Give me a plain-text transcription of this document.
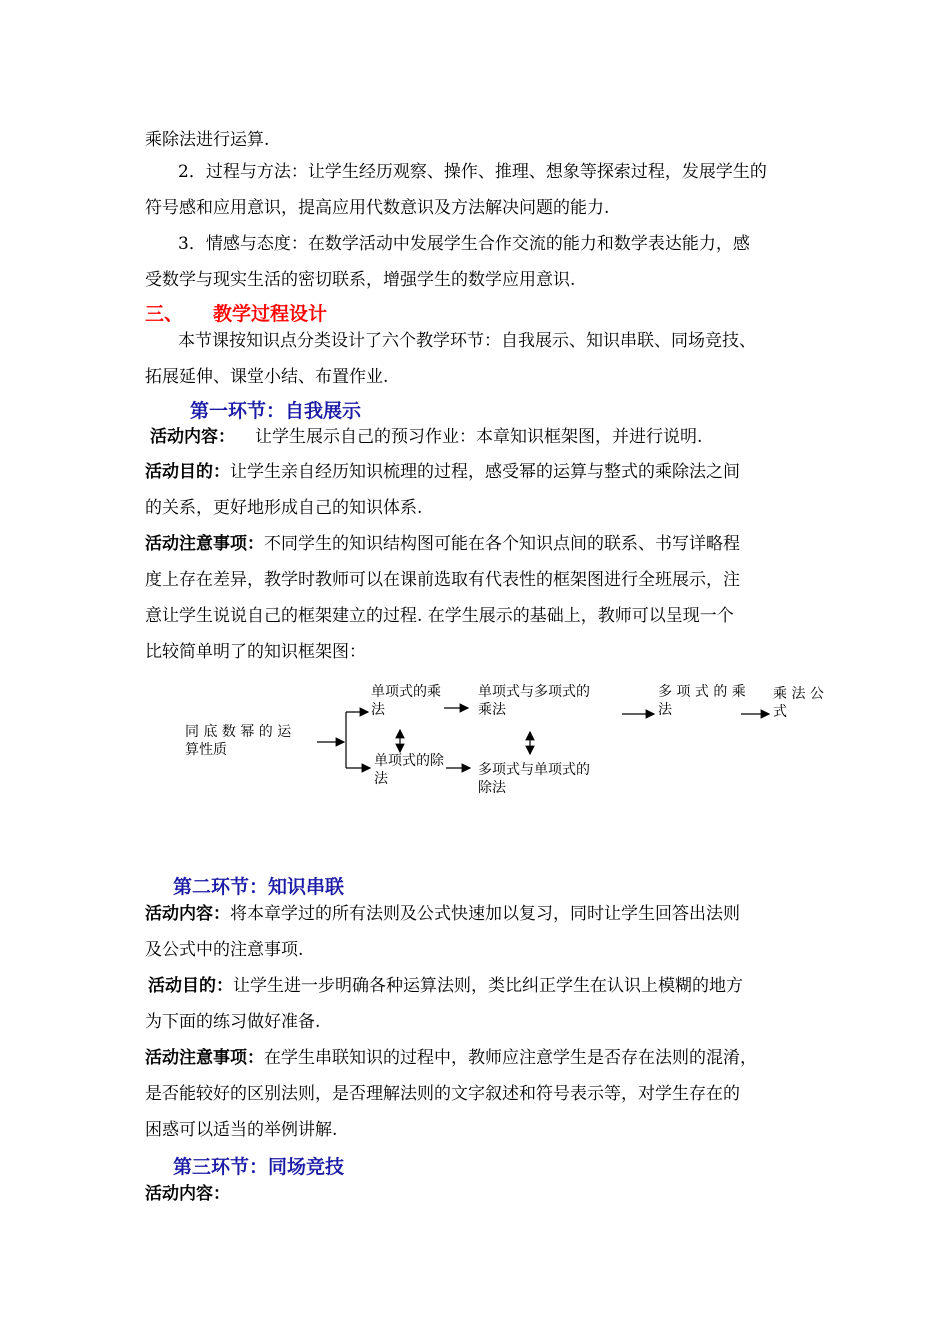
乘除法进行运算.
2．过程与方法：让学生经历观察、操作、推理、想象等探索过程，发展学生的
符号感和应用意识，提高应用代数意识及方法解决问题的能力.
3．情感与态度：在数学活动中发展学生合作交流的能力和数学表达能力，感
受数学与现实生活的密切联系，增强学生的数学应用意识.
三、 教学过程设计
本节课按知识点分类设计了六个教学环节：自我展示、知识串联、同场竞技、
拓展延伸、课堂小结、布置作业.
第一环节：自我展示
活动内容： 让学生展示自己的预习作业：本章知识框架图，并进行说明.
活动目的：让学生亲自经历知识梳理的过程，感受幂的运算与整式的乘除法之间
的关系，更好地形成自己的知识体系.
活动注意事项：不同学生的知识结构图可能在各个知识点间的联系、书写详略程
度上存在差异，教学时教师可以在课前选取有代表性的框架图进行全班展示，注
意让学生说说自己的框架建立的过程. 在学生展示的基础上，教师可以呈现一个
比较简单明了的知识框架图：
同 底 数 幂 的 运
算性质
单项式的乘
法
单项式与多项式的
乘法
多 项 式 的 乘
法
乘 法 公
式
单项式的除
法
多项式与单项式的
除法
第二环节：知识串联
活动内容：将本章学过的所有法则及公式快速加以复习，同时让学生回答出法则
及公式中的注意事项.
活动目的：让学生进一步明确各种运算法则，类比纠正学生在认识上模糊的地方
为下面的练习做好准备.
活动注意事项：在学生串联知识的过程中，教师应注意学生是否存在法则的混淆，
是否能较好的区别法则，是否理解法则的文字叙述和符号表示等，对学生存在的
困惑可以适当的举例讲解.
第三环节：同场竞技
活动内容：
